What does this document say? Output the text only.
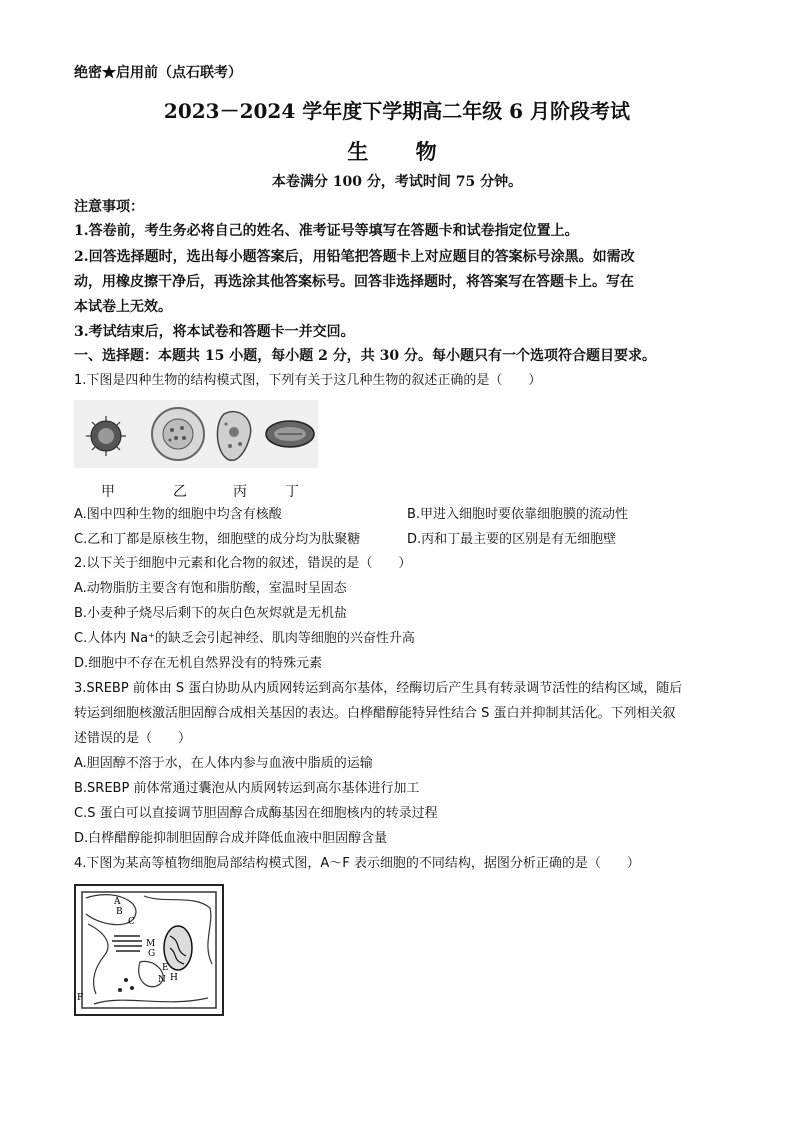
绝密★启用前（点石联考）
2023－2024 学年度下学期高二年级 6 月阶段考试
生 物
本卷满分 100 分，考试时间 75 分钟。
注意事项：
1.答卷前，考生务必将自己的姓名、准考证号等填写在答题卡和试卷指定位置上。
2.回答选择题时，选出每小题答案后，用铅笔把答题卡上对应题目的答案标号涂黑。如需改
动，用橡皮擦干净后，再选涂其他答案标号。回答非选择题时，将答案写在答题卡上。写在
本试卷上无效。
3.考试结束后，将本试卷和答题卡一并交回。
一、选择题：本题共 15 小题，每小题 2 分，共 30 分。每小题只有一个选项符合题目要求。
1.下图是四种生物的结构模式图，下列有关于这几种生物的叙述正确的是（　　）
甲	乙	丙	丁
A.图中四种生物的细胞中均含有核酸	B.甲进入细胞时要依靠细胞膜的流动性
C.乙和丁都是原核生物，细胞壁的成分均为肽聚糖	D.丙和丁最主要的区别是有无细胞壁
2.以下关于细胞中元素和化合物的叙述，错误的是（　　）
A.动物脂肪主要含有饱和脂肪酸，室温时呈固态
B.小麦种子烧尽后剩下的灰白色灰烬就是无机盐
C.人体内 Na⁺的缺乏会引起神经、肌肉等细胞的兴奋性升高
D.细胞中不存在无机自然界没有的特殊元素
3.SREBP 前体由 S 蛋白协助从内质网转运到高尔基体，经酶切后产生具有转录调节活性的结构区域，随后
转运到细胞核激活胆固醇合成相关基因的表达。白桦醋醇能特异性结合 S 蛋白并抑制其活化。下列相关叙
述错误的是（　　）
A.胆固醇不溶于水，在人体内参与血液中脂质的运输
B.SREBP 前体常通过囊泡从内质网转运到高尔基体进行加工
C.S 蛋白可以直接调节胆固醇合成酶基因在细胞核内的转录过程
D.白桦醋醇能抑制胆固醇合成并降低血液中胆固醇含量
4.下图为某高等植物细胞局部结构模式图，A～F 表示细胞的不同结构，据图分析正确的是（　　）
A
B
C
M
G
E
N H
F
